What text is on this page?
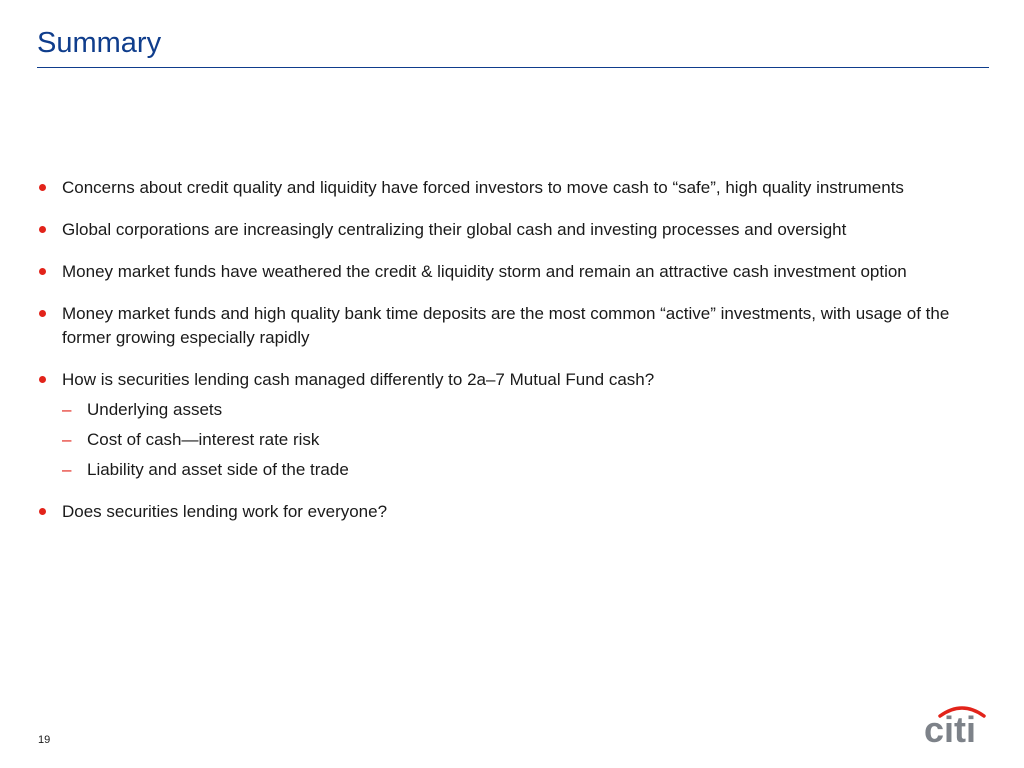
Summary
Concerns about credit quality and liquidity have forced investors to move cash to “safe”, high quality instruments
Global corporations are increasingly centralizing their global cash and investing processes and oversight
Money market funds have weathered the credit & liquidity storm and remain an attractive cash investment option
Money market funds and high quality bank time deposits are the most common “active” investments, with usage of the former growing especially rapidly
How is securities lending cash managed differently to 2a–7 Mutual Fund cash?
– Underlying assets
– Cost of cash—interest rate risk
– Liability and asset side of the trade
Does securities lending work for everyone?
19	citi
